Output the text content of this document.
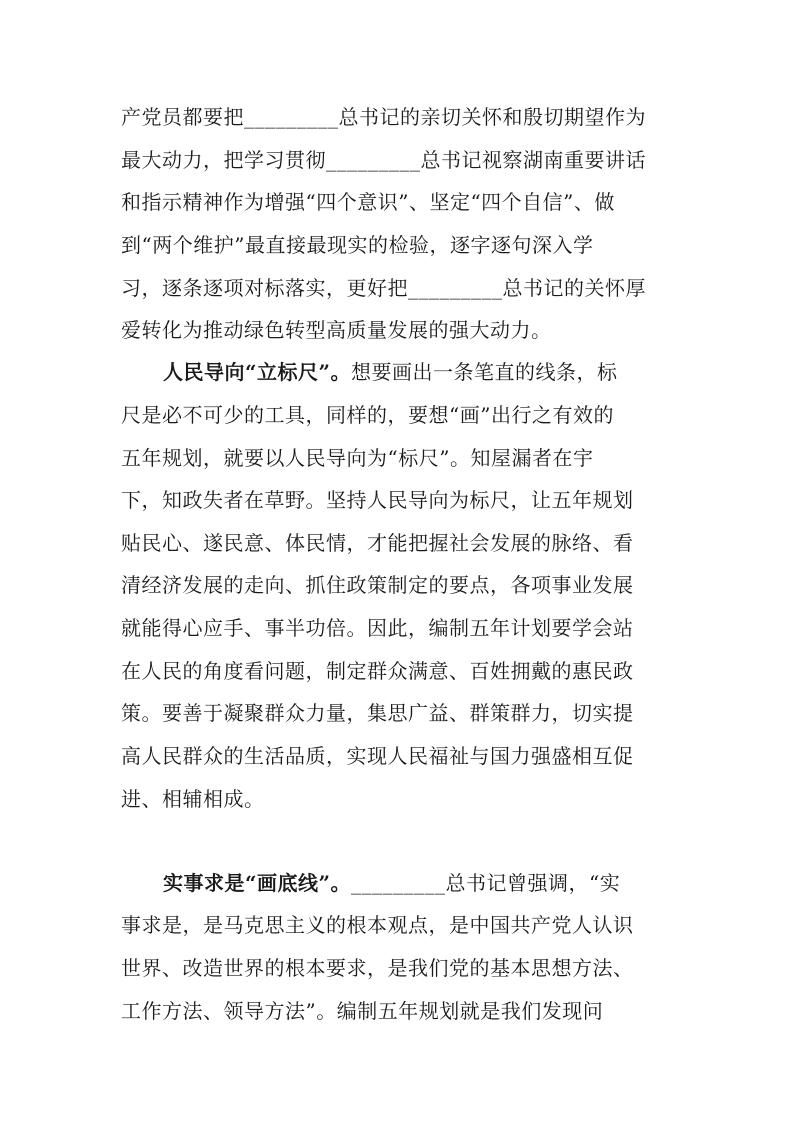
产党员都要把_________总书记的亲切关怀和殷切期望作为
最大动力，把学习贯彻_________总书记视察湖南重要讲话
和指示精神作为增强“四个意识”、坚定“四个自信”、做
到“两个维护”最直接最现实的检验，逐字逐句深入学
习，逐条逐项对标落实，更好把_________总书记的关怀厚
爱转化为推动绿色转型高质量发展的强大动力。
人民导向“立标尺”。想要画出一条笔直的线条，标
尺是必不可少的工具，同样的，要想“画”出行之有效的
五年规划，就要以人民导向为“标尺”。知屋漏者在宇
下，知政失者在草野。坚持人民导向为标尺，让五年规划
贴民心、遂民意、体民情，才能把握社会发展的脉络、看
清经济发展的走向、抓住政策制定的要点，各项事业发展
就能得心应手、事半功倍。因此，编制五年计划要学会站
在人民的角度看问题，制定群众满意、百姓拥戴的惠民政
策。要善于凝聚群众力量，集思广益、群策群力，切实提
高人民群众的生活品质，实现人民福祉与国力强盛相互促
进、相辅相成。
实事求是“画底线”。_________总书记曾强调，“实
事求是，是马克思主义的根本观点，是中国共产党人认识
世界、改造世界的根本要求，是我们党的基本思想方法、
工作方法、领导方法”。编制五年规划就是我们发现问
